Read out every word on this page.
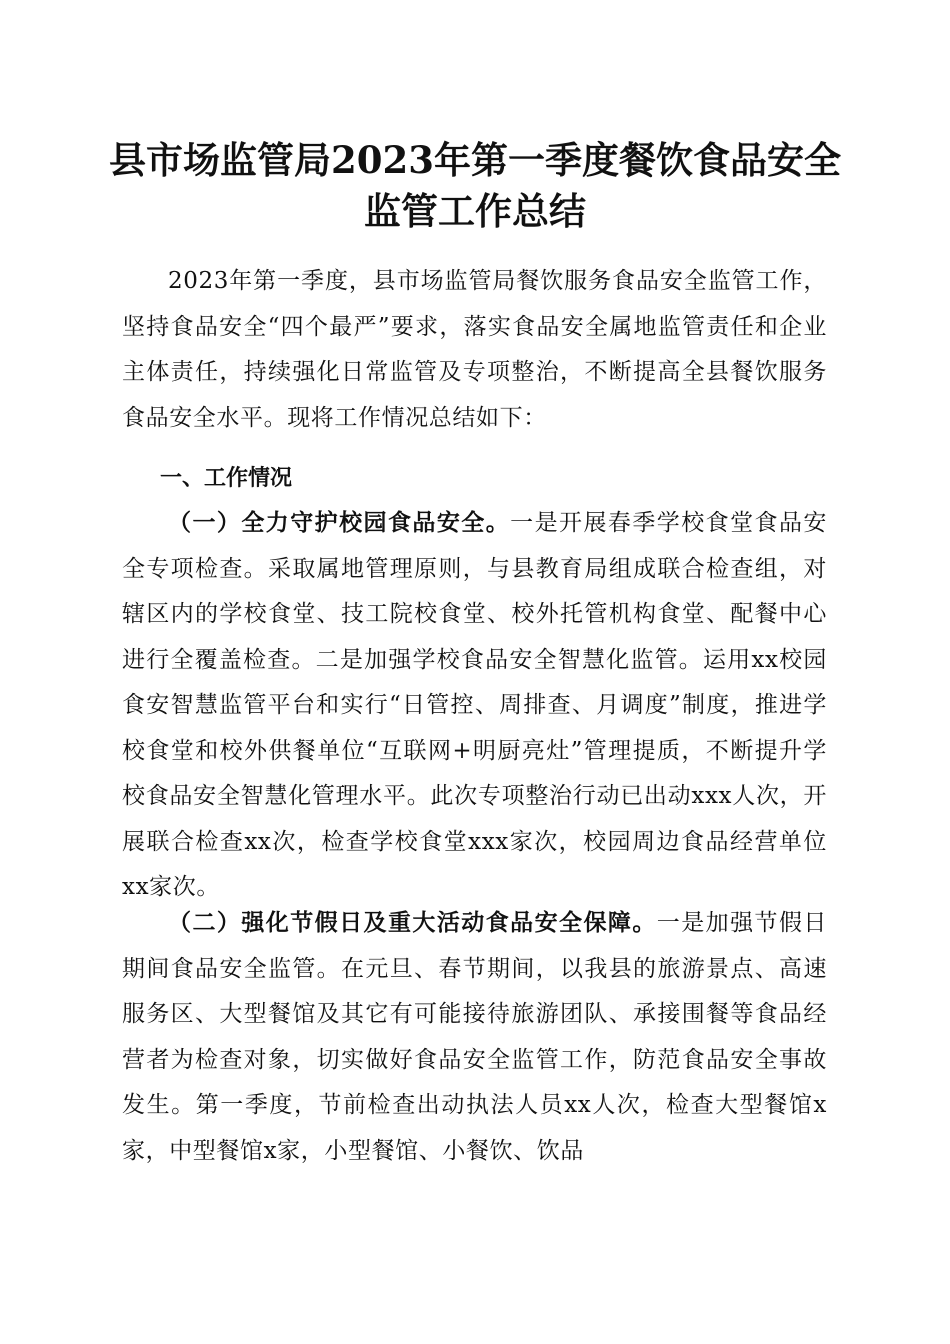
县市场监管局2023年第一季度餐饮食品安全
监管工作总结
2023年第一季度，县市场监管局餐饮服务食品安全监管工作，坚持食品安全“四个最严”要求，落实食品安全属地监管责任和企业主体责任，持续强化日常监管及专项整治，不断提高全县餐饮服务食品安全水平。现将工作情况总结如下：
一、工作情况
（一）全力守护校园食品安全。一是开展春季学校食堂食品安全专项检查。采取属地管理原则，与县教育局组成联合检查组，对辖区内的学校食堂、技工院校食堂、校外托管机构食堂、配餐中心进行全覆盖检查。二是加强学校食品安全智慧化监管。运用xx校园食安智慧监管平台和实行“日管控、周排查、月调度”制度，推进学校食堂和校外供餐单位“互联网+明厨亮灶”管理提质，不断提升学校食品安全智慧化管理水平。此次专项整治行动已出动xxx人次，开展联合检查xx次，检查学校食堂xxx家次，校园周边食品经营单位xx家次。
（二）强化节假日及重大活动食品安全保障。一是加强节假日期间食品安全监管。在元旦、春节期间，以我县的旅游景点、高速服务区、大型餐馆及其它有可能接待旅游团队、承接围餐等食品经营者为检查对象，切实做好食品安全监管工作，防范食品安全事故发生。第一季度，节前检查出动执法人员xx人次，检查大型餐馆x家，中型餐馆x家，小型餐馆、小餐饮、饮品
